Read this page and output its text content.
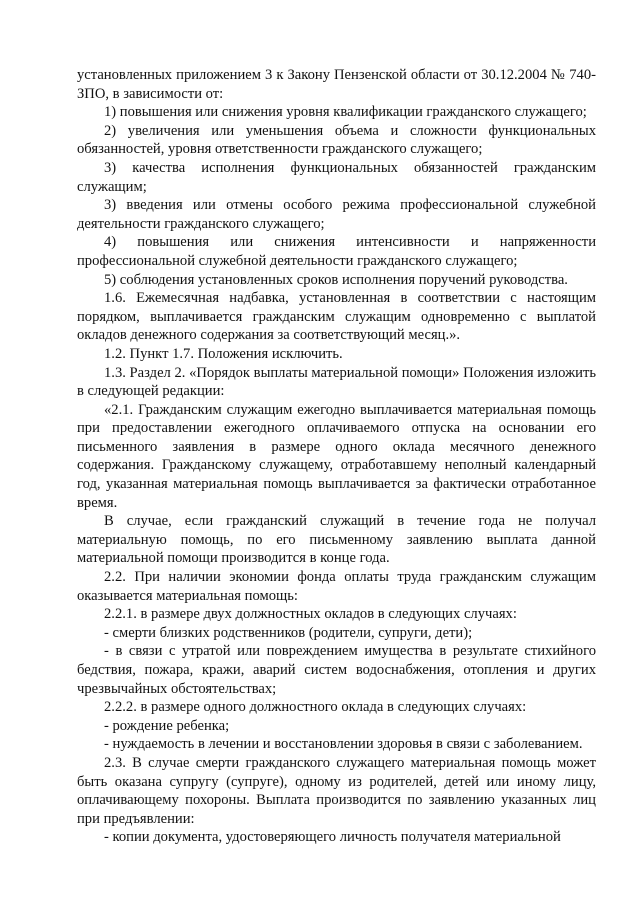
установленных приложением 3 к Закону Пензенской области от 30.12.2004 № 740-ЗПО, в зависимости от:

1) повышения или снижения уровня квалификации гражданского служащего;

2) увеличения или уменьшения объема и сложности функциональных обязанностей, уровня ответственности гражданского служащего;

3) качества исполнения функциональных обязанностей гражданским служащим;

3) введения или отмены особого режима профессиональной служебной деятельности гражданского служащего;

4) повышения или снижения интенсивности и напряженности профессиональной служебной деятельности гражданского служащего;

5) соблюдения установленных сроков исполнения поручений руководства.

1.6. Ежемесячная надбавка, установленная в соответствии с настоящим порядком, выплачивается гражданским служащим одновременно с выплатой окладов денежного содержания за соответствующий месяц.».

1.2. Пункт 1.7. Положения исключить.

1.3. Раздел 2. «Порядок выплаты материальной помощи» Положения изложить в следующей редакции:

«2.1. Гражданским служащим ежегодно выплачивается материальная помощь при предоставлении ежегодного оплачиваемого отпуска на основании его письменного заявления в размере одного оклада месячного денежного содержания. Гражданскому служащему, отработавшему неполный календарный год, указанная материальная помощь выплачивается за фактически отработанное время.

В случае, если гражданский служащий в течение года не получал материальную помощь, по его письменному заявлению выплата данной материальной помощи производится в конце года.

2.2. При наличии экономии фонда оплаты труда гражданским служащим оказывается материальная помощь:

2.2.1. в размере двух должностных окладов в следующих случаях:

- смерти близких родственников (родители, супруги, дети);

- в связи с утратой или повреждением имущества в результате стихийного бедствия, пожара, кражи, аварий систем водоснабжения, отопления и других чрезвычайных обстоятельствах;

2.2.2. в размере одного должностного оклада в следующих случаях:

- рождение ребенка;

- нуждаемость в лечении и восстановлении здоровья в связи с заболеванием.

2.3. В случае смерти гражданского служащего материальная помощь может быть оказана супругу (супруге), одному из родителей, детей или иному лицу, оплачивающему похороны. Выплата производится по заявлению указанных лиц при предъявлении:

- копии документа, удостоверяющего личность получателя материальной
